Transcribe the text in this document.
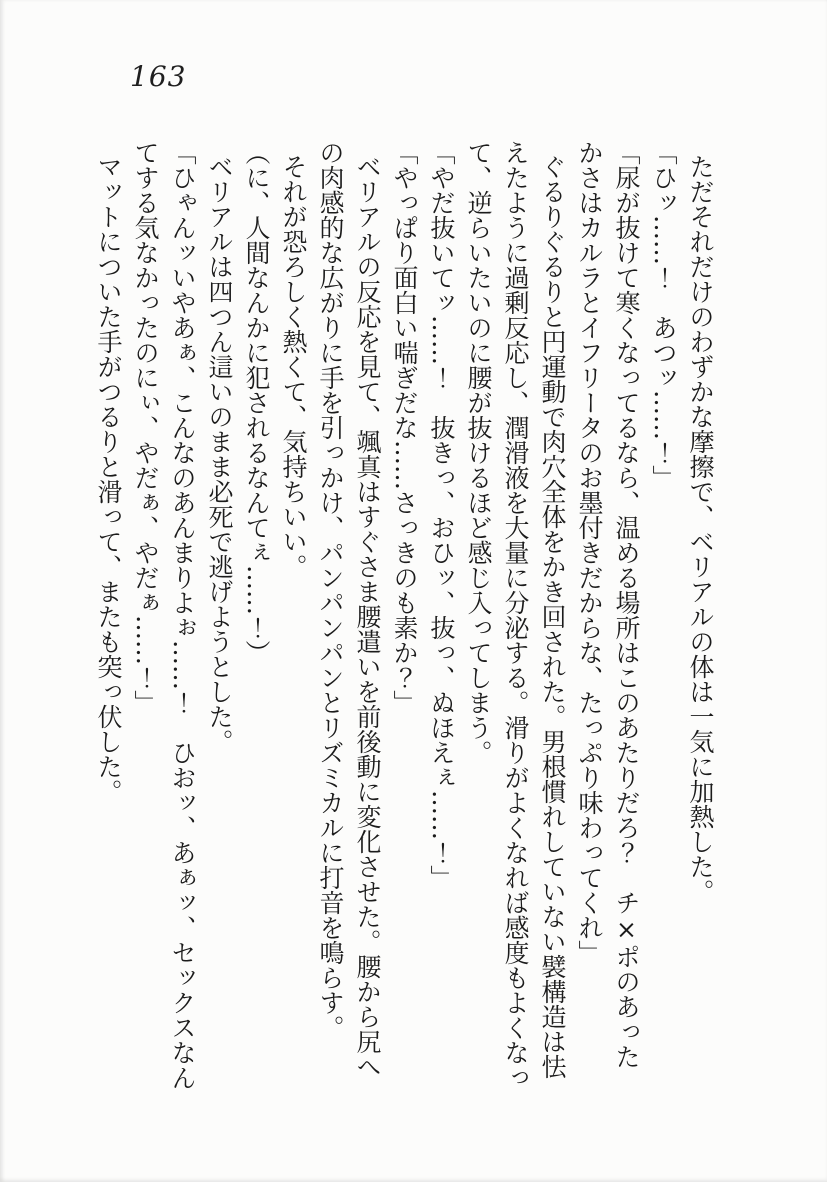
163

ただそれだけのわずかな摩擦で、ベリアルの体は一気に加熱した。

「ひッ……！　あつッ……！」

「尿が抜けて寒くなってるなら、温める場所はこのあたりだろ？　チ×ポのあったかさはカルラとイフリータのお墨付きだからな、たっぷり味わってくれ」

ぐるりぐるりと円運動で肉穴全体をかき回された。男根慣れしていない襞構造は怯えたように過剰反応し、潤滑液を大量に分泌する。滑りがよくなれば感度もよくなって、逆らいたいのに腰が抜けるほど感じ入ってしまう。

「やだ抜いてッ……！　抜きっ、おひッ、抜っ、ぬほえぇ……！」

「やっぱり面白い喘ぎだな……さっきのも素か？」

ベリアルの反応を見て、颯真はすぐさま腰遣いを前後動に変化させた。腰から尻への肉感的な広がりに手を引っかけ、パンパンパンとリズミカルに打音を鳴らす。

それが恐ろしく熱くて、気持ちいい。

（に、人間なんかに犯されるなんてぇ……！）

ベリアルは四つん這いのまま必死で逃げようとした。

「ひゃんッいやあぁ、こんなのあんまりよぉ……！　ひおッ、あぁッ、セックスなんてする気なかったのにぃ、やだぁ、やだぁ……！」

マットについた手がつるりと滑って、またも突っ伏した。
